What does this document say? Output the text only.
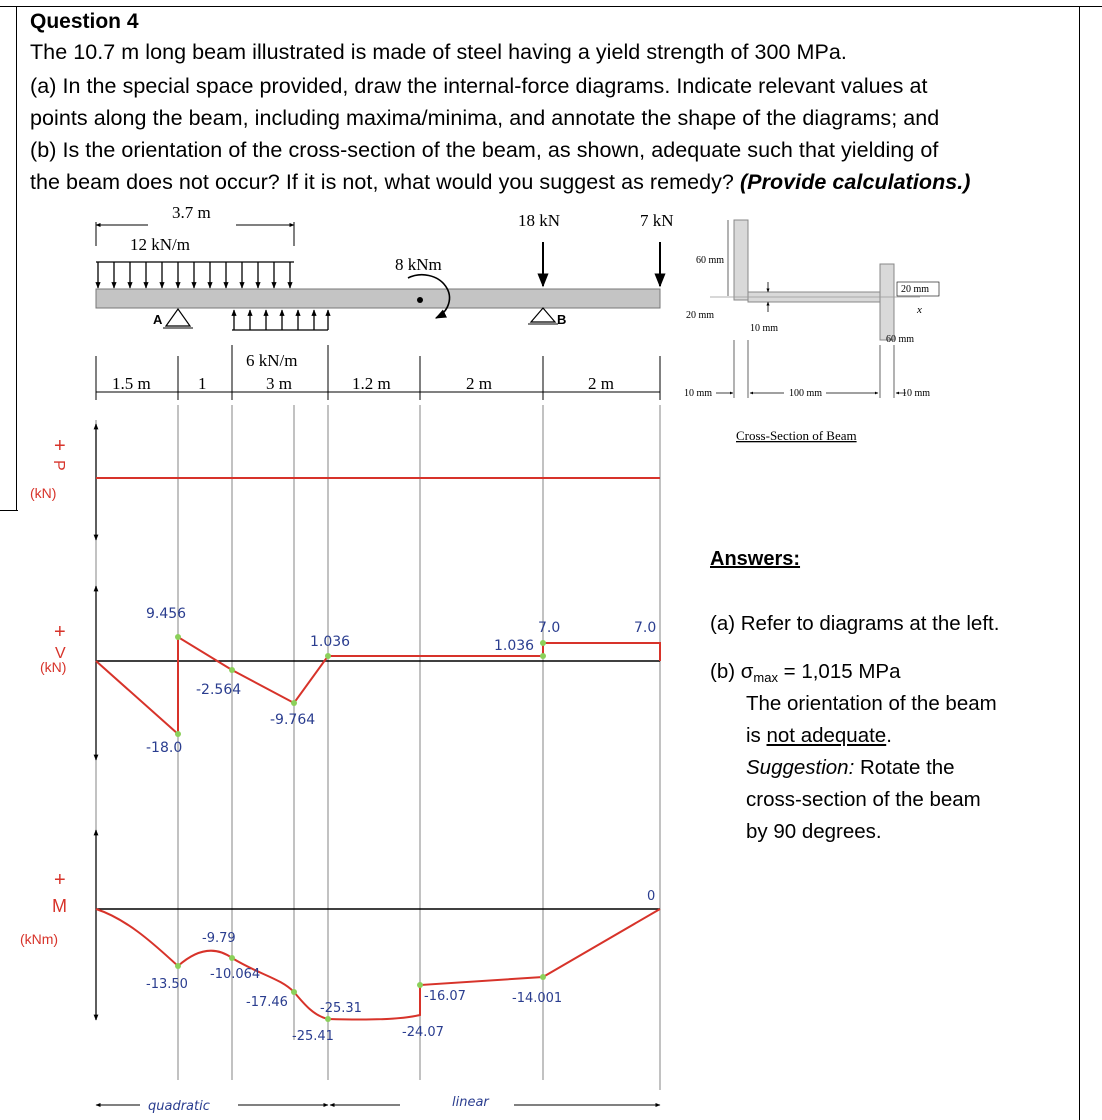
Question 4
The 10.7 m long beam illustrated is made of steel having a yield strength of 300 MPa.
(a) In the special space provided, draw the internal-force diagrams. Indicate relevant values at
points along the beam, including maxima/minima, and annotate the shape of the diagrams; and
(b) Is the orientation of the cross-section of the beam, as shown, adequate such that yielding of
the beam does not occur? If it is not, what would you suggest as remedy? (Provide calculations.)
3.7 m
12 kN/m
8 kNm
18 kN	7 kN
A	B
6 kN/m
1.5 m	1	3 m	1.2 m	2 m	2 m
x
60 mm
20 mm
10 mm
20 mm
60 mm
10 mm	100 mm	10 mm
Cross-Section of Beam
+
P
(kN)
+
V
(kN)
+
M
(kNm)
9.456
1.036	1.036
7.0	7.0
-2.564
-9.764
-18.0
-9.79
-10.064
-13.50
-17.46 -25.31
-25.41
-16.07
-24.07
-14.001
0
quadratic	linear
Answers:
(a) Refer to diagrams at the left.
(b) $\sigma_{max} = 1,015$ MPa
The orientation of the beam
is not adequate.
Suggestion: Rotate the
cross-section of the beam
by 90 degrees.
